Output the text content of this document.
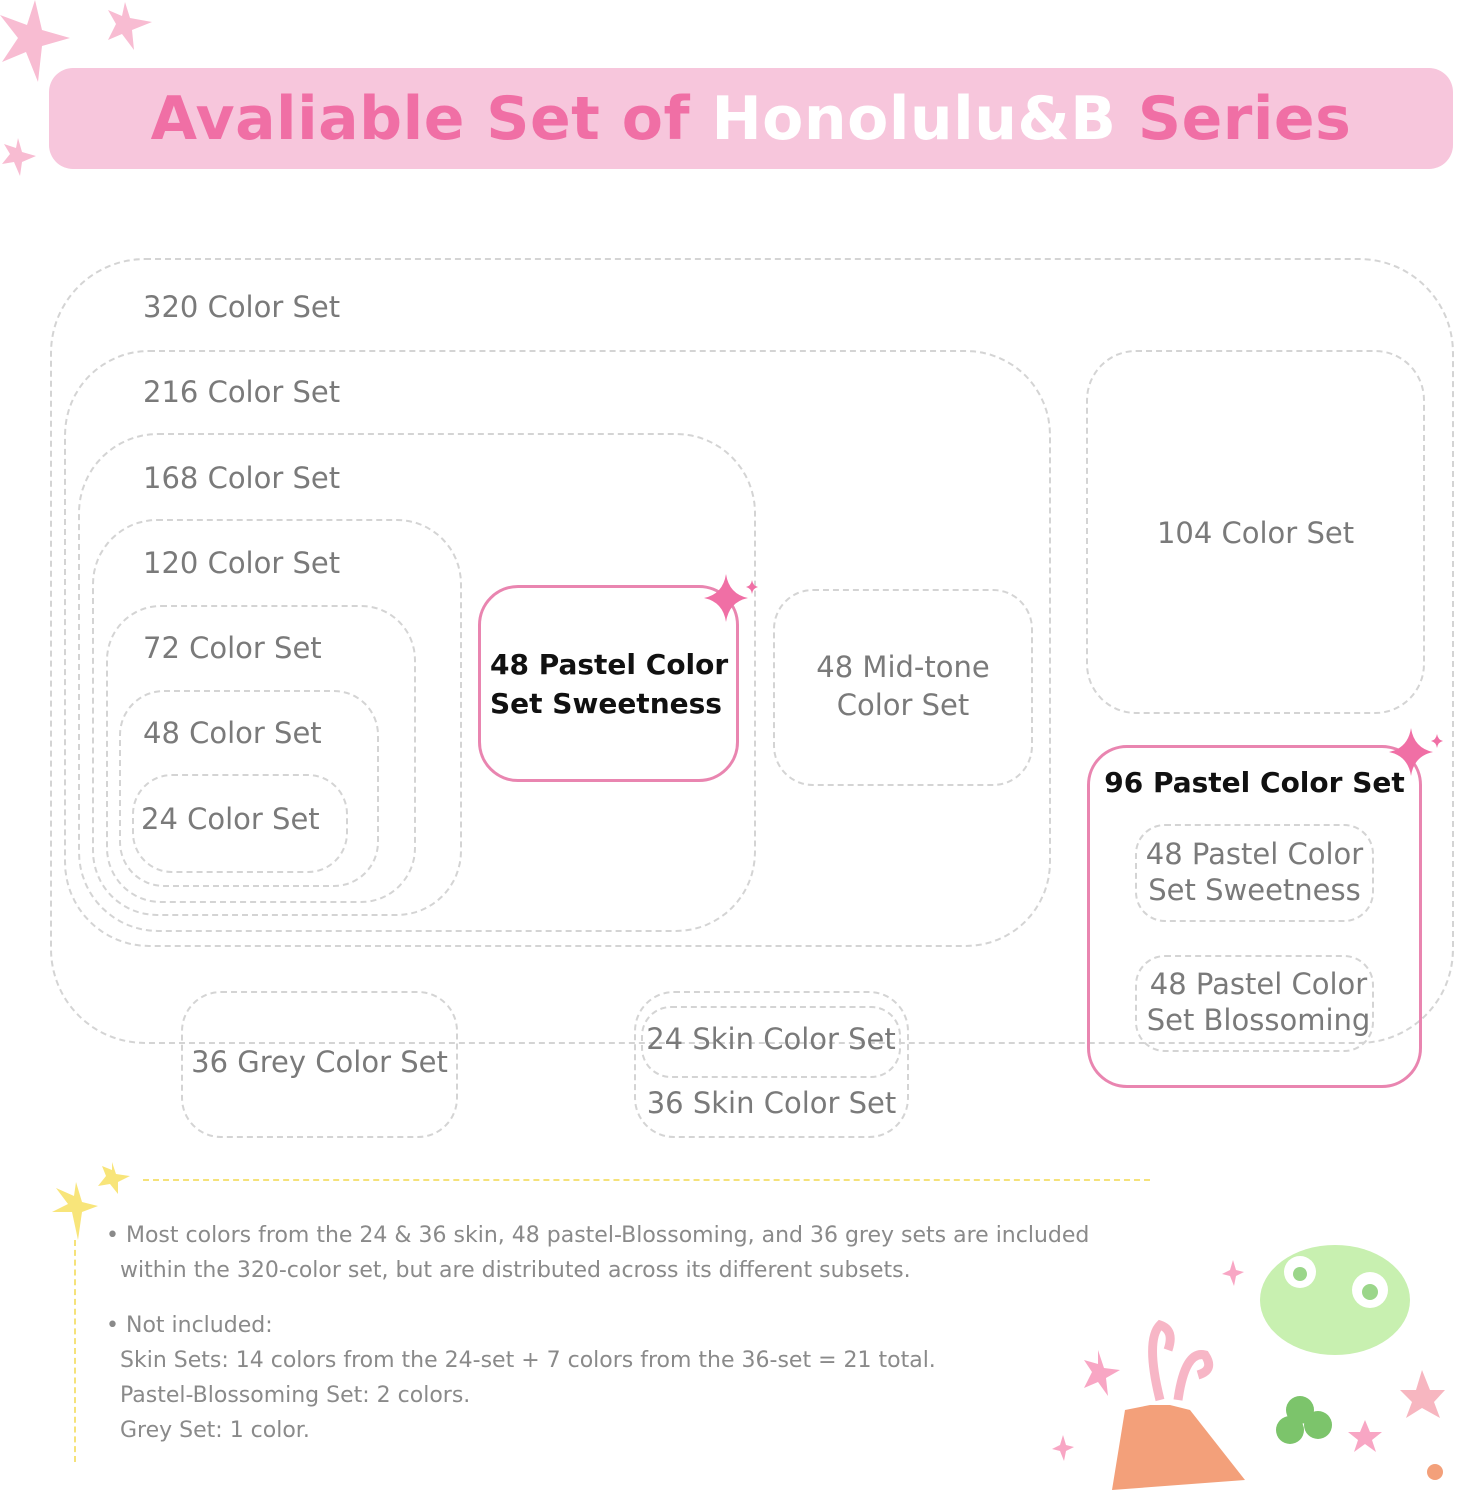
Avaliable Set of Honolulu&B Series
320 Color Set
216 Color Set
168 Color Set
120 Color Set
72 Color Set
48 Color Set
24 Color Set
48 Pastel Color
Set Sweetness
48 Mid-tone
Color Set
104 Color Set
96 Pastel Color Set
48 Pastel Color
Set Sweetness
48 Pastel Color
Set Blossoming
36 Grey Color Set
24 Skin Color Set
36 Skin Color Set

• Most colors from the 24 & 36 skin, 48 pastel-Blossoming, and 36 grey sets are included

within the 320-color set, but are distributed across its different subsets.

• Not included:

Skin Sets: 14 colors from the 24-set + 7 colors from the 36-set = 21 total.

Pastel-Blossoming Set: 2 colors.

Grey Set: 1 color.
